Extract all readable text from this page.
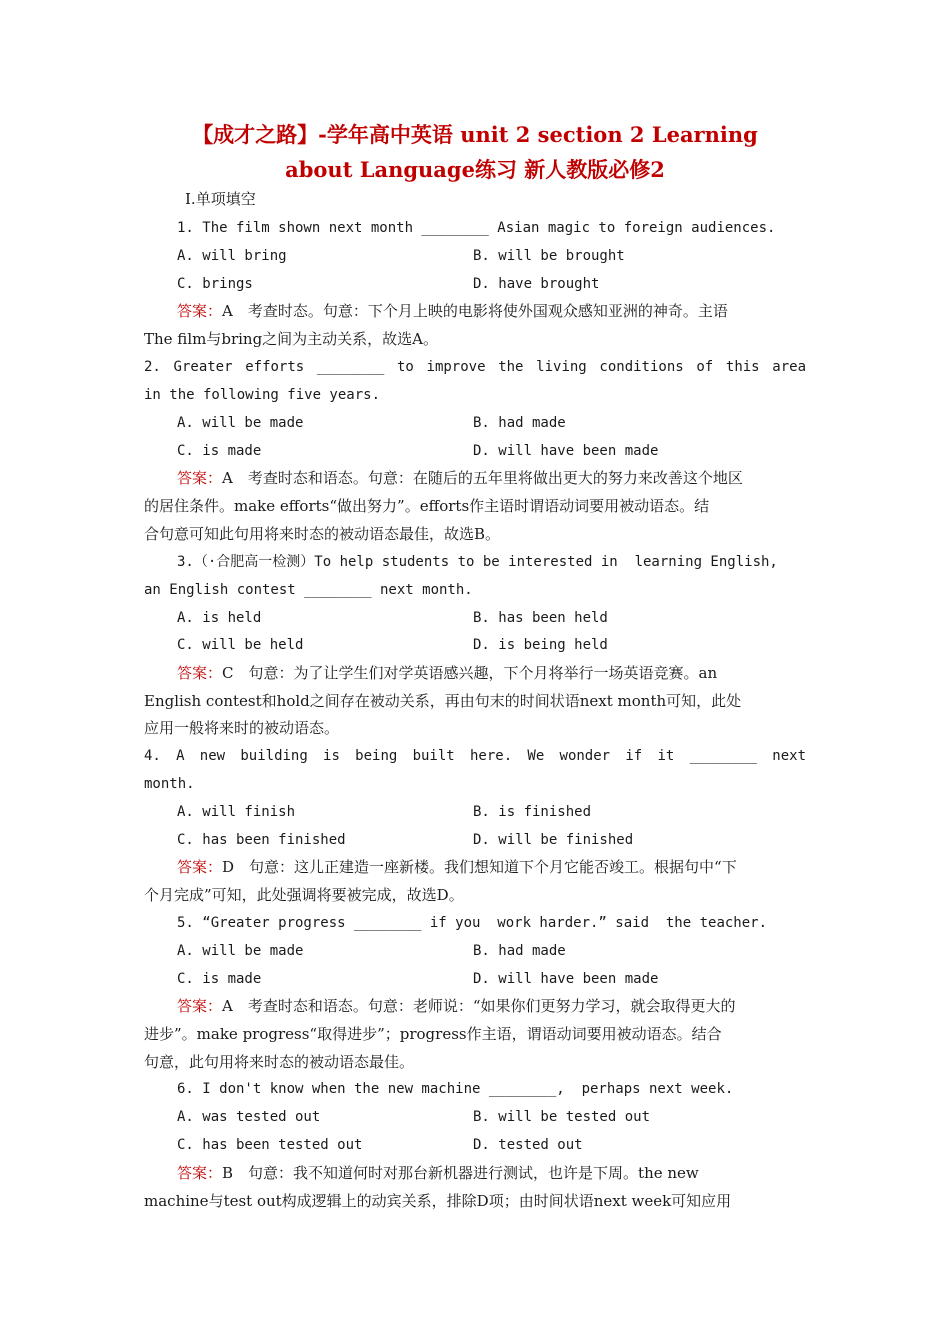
【成才之路】-学年高中英语 unit 2 section 2 Learning
about Language练习 新人教版必修2
Ⅰ.单项填空
1. The film shown next month ________ Asian magic to foreign audiences.
A. will bring	B. will be brought
C. brings	D. have brought
答案：A　考查时态。句意：下个月上映的电影将使外国观众感知亚洲的神奇。主语
The film与bring之间为主动关系，故选A。
2. Greater efforts ________ to improve the living conditions of this area
in the following five years.
A. will be made	B. had made
C. is made	D. will have been made
答案：A　考查时态和语态。句意：在随后的五年里将做出更大的努力来改善这个地区
的居住条件。make efforts“做出努力”。efforts作主语时谓语动词要用被动语态。结
合句意可知此句用将来时态的被动语态最佳，故选B。
3.（·合肥高一检测）To help students to be interested in  learning English,
an English contest ________ next month.
A. is held	B. has been held
C. will be held	D. is being held
答案：C　句意：为了让学生们对学英语感兴趣，下个月将举行一场英语竞赛。an
English contest和hold之间存在被动关系，再由句末的时间状语next month可知，此处
应用一般将来时的被动语态。
4. A new building is being built here. We wonder if it ________ next
month.
A. will finish	B. is finished
C. has been finished	D. will be finished
答案：D　句意：这儿正建造一座新楼。我们想知道下个月它能否竣工。根据句中“下
个月完成”可知，此处强调将要被完成，故选D。
5. “Greater progress ________ if you  work harder.” said  the teacher.
A. will be made	B. had made
C. is made	D. will have been made
答案：A　考查时态和语态。句意：老师说：“如果你们更努力学习，就会取得更大的
进步”。make progress“取得进步”；progress作主语，谓语动词要用被动语态。结合
句意，此句用将来时态的被动语态最佳。
6. I don't know when the new machine ________,  perhaps next week.
A. was tested out	B. will be tested out
C. has been tested out	D. tested out
答案：B　句意：我不知道何时对那台新机器进行测试，也许是下周。the new
machine与test out构成逻辑上的动宾关系，排除D项；由时间状语next week可知应用
